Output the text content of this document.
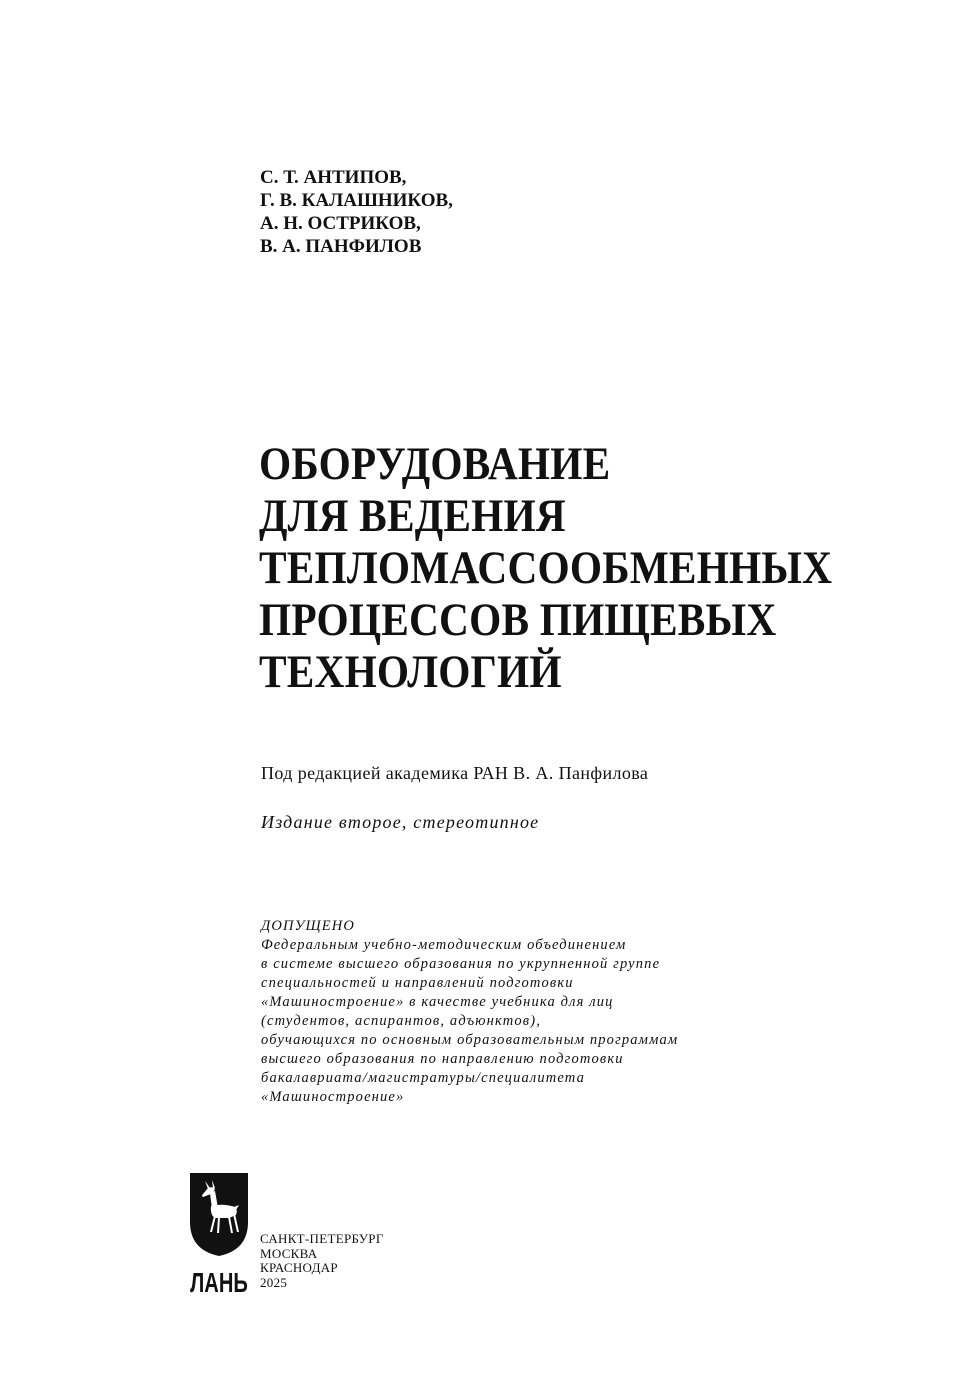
С. Т. АНТИПОВ,
Г. В. КАЛАШНИКОВ,
А. Н. ОСТРИКОВ,
В. А. ПАНФИЛОВ
ОБОРУДОВАНИЕ
ДЛЯ ВЕДЕНИЯ
ТЕПЛОМАССООБМЕННЫХ
ПРОЦЕССОВ ПИЩЕВЫХ
ТЕХНОЛОГИЙ
Под редакцией академика РАН В. А. Панфилова
Издание второе, стереотипное
ДОПУЩЕНО
Федеральным учебно-методическим объединением
в системе высшего образования по укрупненной группе
специальностей и направлений подготовки
«Машиностроение» в качестве учебника для лиц
(студентов, аспирантов, адъюнктов),
обучающихся по основным образовательным программам
высшего образования по направлению подготовки
бакалавриата/магистратуры/специалитета
«Машиностроение»
ЛАНЬ
САНКТ-ПЕТЕРБУРГ
МОСКВА
КРАСНОДАР
2025
